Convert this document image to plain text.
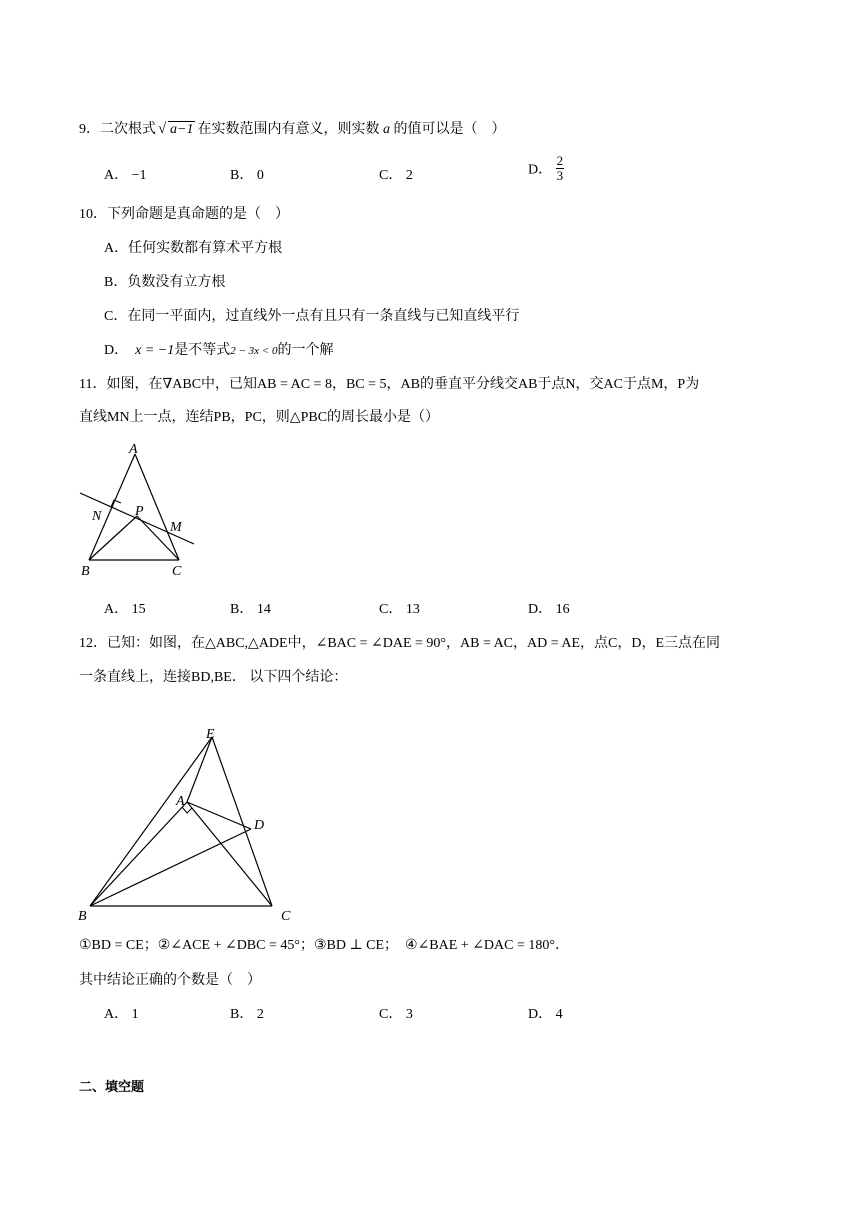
9．二次根式 √ a−1 在实数范围内有意义，则实数 a 的值可以是（　）
A． −1	B． 0	C． 2	D． $\frac{2}{3}$
10．下列命题是真命题的是（　）
A．任何实数都有算术平方根
B．负数没有立方根
C．在同一平面内，过直线外一点有且只有一条直线与已知直线平行
D． x = −1是不等式2 − 3x < 0的一个解
11．如图，在∇ABC中，已知AB = AC = 8，BC = 5，AB的垂直平分线交AB于点N，交AC于点M，P为
直线MN上一点，连结PB，PC，则△PBC的周长最小是（）
A
N P
M
B	C
A． 15	B． 14	C． 13	D． 16
12．已知：如图，在△ABC,△ADE中，∠BAC = ∠DAE = 90°，AB = AC，AD = AE，点C，D，E三点在同
一条直线上，连接BD,BE． 以下四个结论：
E
A
D
B	C
①BD = CE；②∠ACE + ∠DBC = 45°；③BD ⊥ CE；　④∠BAE + ∠DAC = 180°．
其中结论正确的个数是（　）
A． 1	B． 2	C． 3	D． 4
二、填空题
